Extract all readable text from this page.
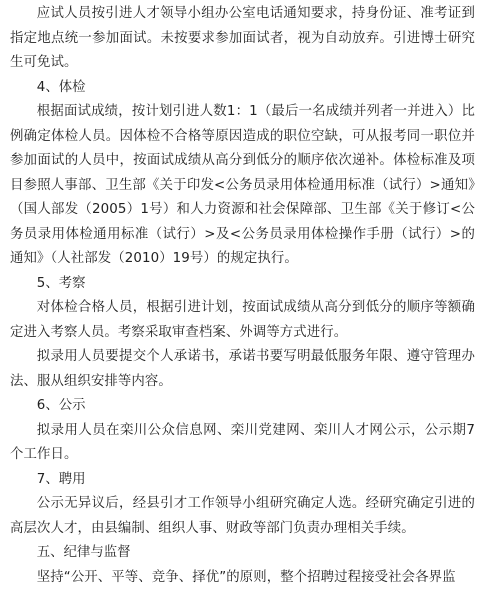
应试人员按引进人才领导小组办公室电话通知要求，持身份证、准考证到指定地点统一参加面试。未按要求参加面试者，视为自动放弃。引进博士研究生可免试。

4、体检

根据面试成绩，按计划引进人数1：1（最后一名成绩并列者一并进入）比例确定体检人员。因体检不合格等原因造成的职位空缺，可从报考同一职位并参加面试的人员中，按面试成绩从高分到低分的顺序依次递补。体检标准及项目参照人事部、卫生部《关于印发<公务员录用体检通用标准（试行）>通知》（国人部发（2005）1号）和人力资源和社会保障部、卫生部《关于修订<公务员录用体检通用标准（试行）>及<公务员录用体检操作手册（试行）>的通知》（人社部发（2010）19号）的规定执行。

5、考察

对体检合格人员，根据引进计划，按面试成绩从高分到低分的顺序等额确定进入考察人员。考察采取审查档案、外调等方式进行。

拟录用人员要提交个人承诺书，承诺书要写明最低服务年限、遵守管理办法、服从组织安排等内容。

6、公示

拟录用人员在栾川公众信息网、栾川党建网、栾川人才网公示，公示期7个工作日。

7、聘用

公示无异议后，经县引才工作领导小组研究确定人选。经研究确定引进的高层次人才，由县编制、组织人事、财政等部门负责办理相关手续。

五、纪律与监督

坚持“公开、平等、竞争、择优”的原则，整个招聘过程接受社会各界监
